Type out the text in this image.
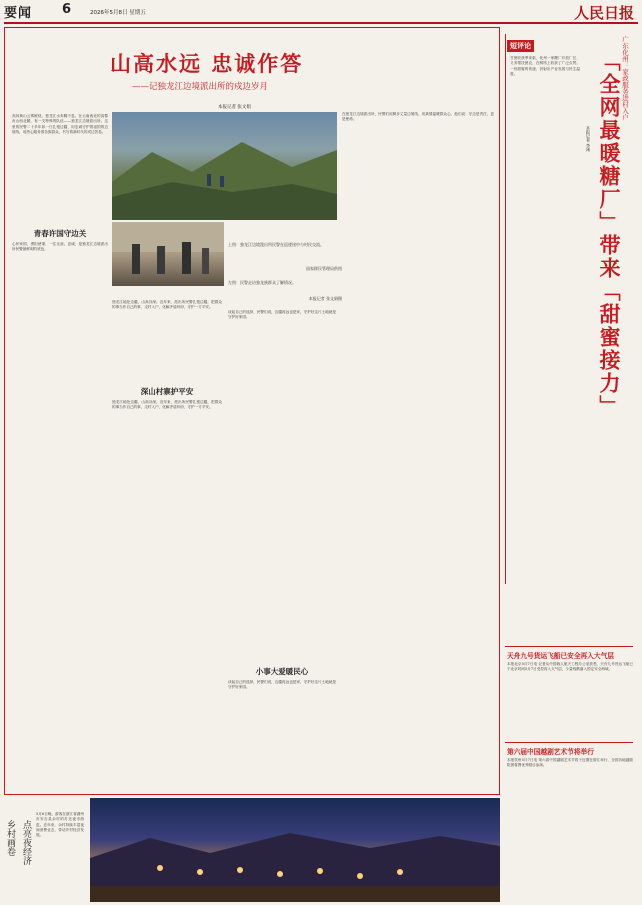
要闻 6	2026年5月8日 星期五	人民日报
山高水远 忠诚作答
——记独龙江边境派出所的戍边岁月
本报记者 张文娟
高耸黄山云雾缭绕，独龙江水奔腾不息。在云南西北的高黎贡山西北麓，有一支特殊的队伍——独龙江边境派出所。这里的民警二十多年如一日扎根边疆，用忠诚守护着祖国的边境线，用热心服务着各族群众，书写着新时代的戍边答卷。
青春许国守边关
心怀家国，勇担使命，一往无前。忠诚，是独龙江边境派出所民警最鲜明的底色。
上图：独龙江边境派出所民警在巡逻途中与村民交流。
国家移民管理局供图
左图：民警走访独龙族群众了解情况。
本报记者 张文娟摄
独龙江地处边疆，山高谷深。近年来，派出所民警扎根边疆，把群众的事当作自己的事，走村入户，化解矛盾纠纷，守护一方平安。
深山村寨护平安
独龙江地处边疆，山高谷深。近年来，派出所民警扎根边疆，把群众的事当作自己的事，走村入户，化解矛盾纠纷，守护一方平安。
谈起自己的选择，民警们说，边疆再远也是家，守护好这片土地就是守护好家园。
小事大爱暖民心
谈起自己的选择，民警们说，边疆再远也是家，守护好这片土地就是守护好家园。
在独龙江边境派出所，民警们用脚步丈量边境线，用真情温暖群众心。他们说：守边是责任，更是使命。
短评论	广东化州：家政服务进村入户
「全网最暖糖厂」带来「甜蜜接力」
本报记者 李刚
甘蔗收获季来临，化州一家糖厂开放厂区、义务帮扶蔗农，在网络上收获了广泛点赞。一份甜蜜的传递，折射出产业发展与民生温度。
天舟九号货运飞船已安全再入大气层
本报北京5月7日电 记者从中国载人航天工程办公室获悉，天舟九号货运飞船已于北京时间5月7日受控再入大气层，少量残骸落入预定安全海域。
第六届中国越剧艺术节将举行
本报杭州5月7日电 第六届中国越剧艺术节将于近期在浙江举行，全国各地越剧院团将携优秀剧目参演。
乡村画卷 点亮夜经济
5月6日晚，游客在浙江省湖州市安吉县余村的灯光夜市游览。近年来，余村持续丰富夜间消费业态，带动乡村经济发展。
